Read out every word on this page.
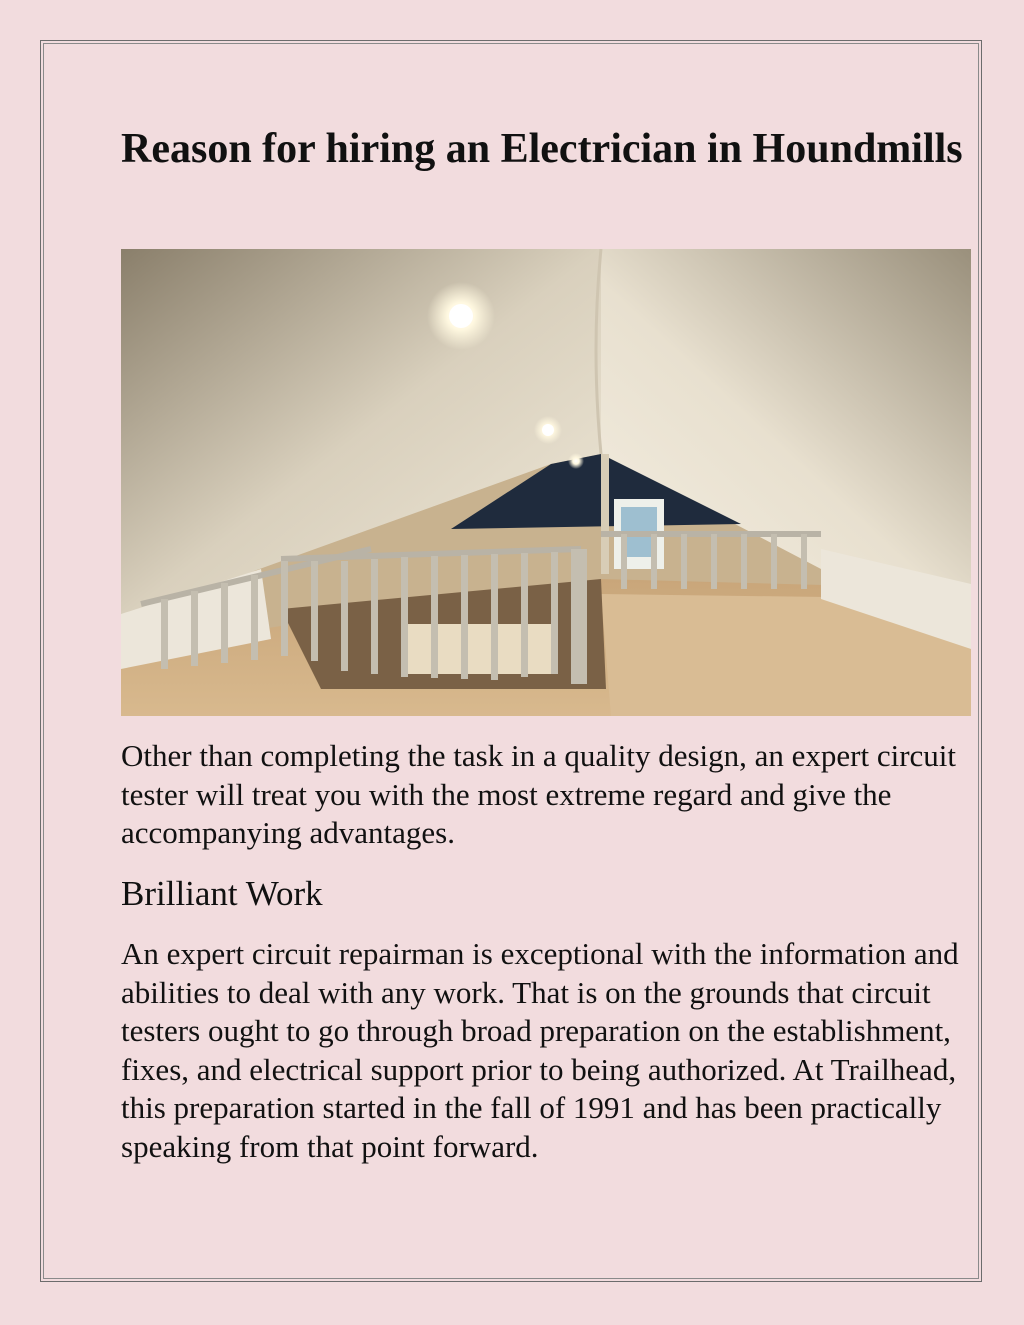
Reason for hiring an Electrician in Houndmills

Other than completing the task in a quality design, an expert circuit tester will treat you with the most extreme regard and give the accompanying advantages.

Brilliant Work

An expert circuit repairman is exceptional with the information and abilities to deal with any work. That is on the grounds that circuit testers ought to go through broad preparation on the establishment, fixes, and electrical support prior to being authorized. At Trailhead, this preparation started in the fall of 1991 and has been practically speaking from that point forward.
